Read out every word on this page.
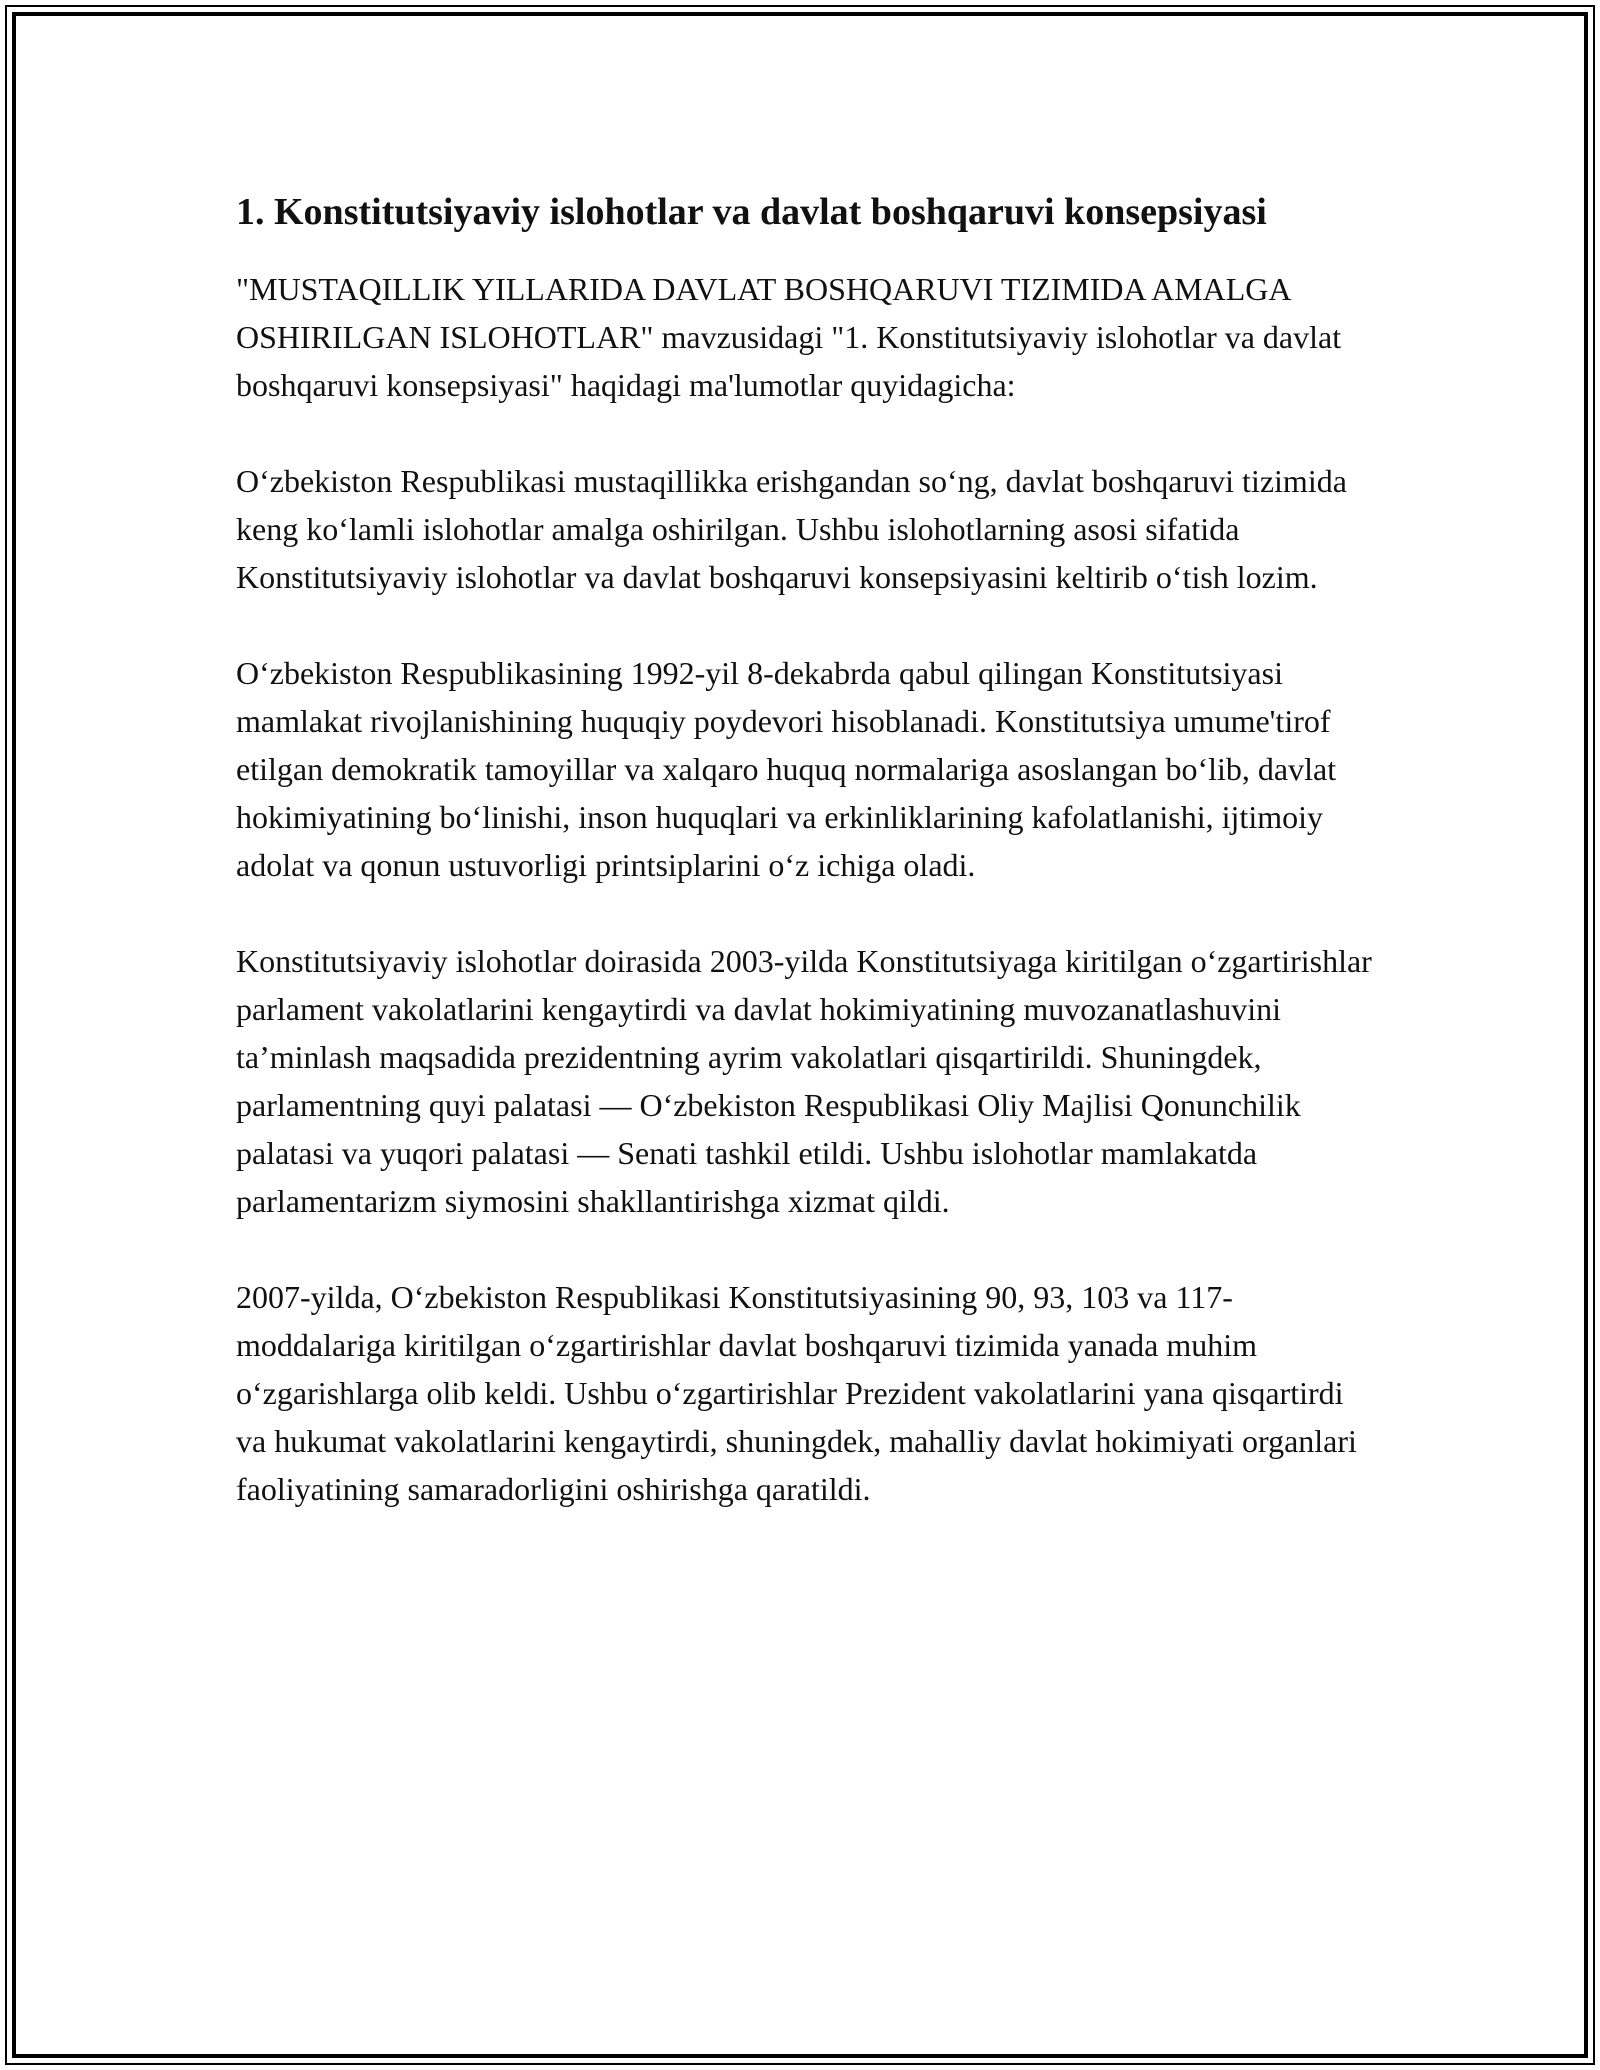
1. Konstitutsiyaviy islohotlar va davlat boshqaruvi konsepsiyasi

"MUSTAQILLIK YILLARIDA DAVLAT BOSHQARUVI TIZIMIDA AMALGA OSHIRILGAN ISLOHOTLAR" mavzusidagi "1. Konstitutsiyaviy islohotlar va davlat boshqaruvi konsepsiyasi" haqidagi ma'lumotlar quyidagicha:

O‘zbekiston Respublikasi mustaqillikka erishgandan so‘ng, davlat boshqaruvi tizimida keng ko‘lamli islohotlar amalga oshirilgan. Ushbu islohotlarning asosi sifatida Konstitutsiyaviy islohotlar va davlat boshqaruvi konsepsiyasini keltirib o‘tish lozim.

O‘zbekiston Respublikasining 1992-yil 8-dekabrda qabul qilingan Konstitutsiyasi mamlakat rivojlanishining huquqiy poydevori hisoblanadi. Konstitutsiya umume'tirof etilgan demokratik tamoyillar va xalqaro huquq normalariga asoslangan bo‘lib, davlat hokimiyatining bo‘linishi, inson huquqlari va erkinliklarining kafolatlanishi, ijtimoiy adolat va qonun ustuvorligi printsiplarini o‘z ichiga oladi.

Konstitutsiyaviy islohotlar doirasida 2003-yilda Konstitutsiyaga kiritilgan o‘zgartirishlar parlament vakolatlarini kengaytirdi va davlat hokimiyatining muvozanatlashuvini ta’minlash maqsadida prezidentning ayrim vakolatlari qisqartirildi. Shuningdek, parlamentning quyi palatasi — O‘zbekiston Respublikasi Oliy Majlisi Qonunchilik palatasi va yuqori palatasi — Senati tashkil etildi. Ushbu islohotlar mamlakatda parlamentarizm siymosini shakllantirishga xizmat qildi.

2007-yilda, O‘zbekiston Respublikasi Konstitutsiyasining 90, 93, 103 va 117-moddalariga kiritilgan o‘zgartirishlar davlat boshqaruvi tizimida yanada muhim o‘zgarishlarga olib keldi. Ushbu o‘zgartirishlar Prezident vakolatlarini yana qisqartirdi va hukumat vakolatlarini kengaytirdi, shuningdek, mahalliy davlat hokimiyati organlari faoliyatining samaradorligini oshirishga qaratildi.
